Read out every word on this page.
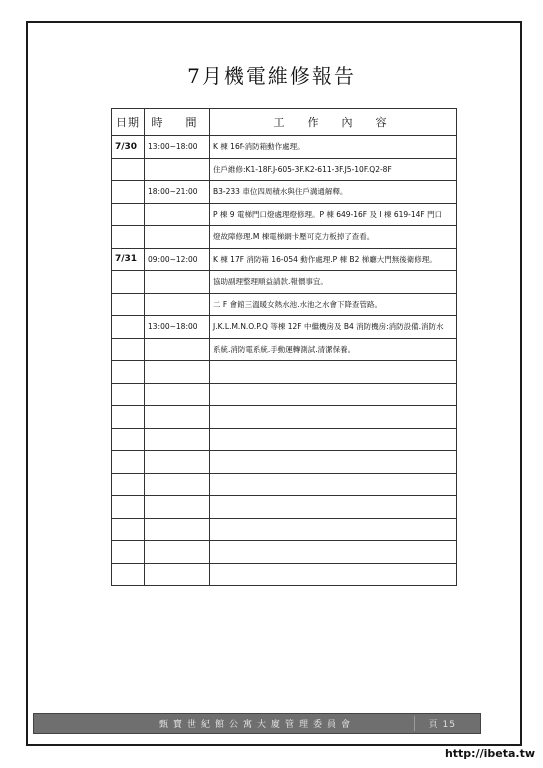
7月機電維修報告
日期	時　間	工　作　內　容
7/30	13:00~18:00	K 棟 16f-消防箱動作處理。
		住戶維修:K1-18F.J-605-3F.K2-611-3F.J5-10F.Q2-8F
	18:00~21:00	B3-233 車位四周積水與住戶溝通解釋。
		P 棟 9 電梯門口燈處理燈修理。P 棟 649-16F 及 I 棟 619-14F 門口
		燈故障修理.M 棟電梯網卡壓可克力板掉了查看。
7/31	09:00~12:00	K 棟 17F 消防箱 16-054 動作處理.P 棟 B2 梯廳大門無後衛修理。
		協助副理整理順益請款.報價事宜。
		二 F 會館三溫暖女熱水池.水池之水會下降查管路。
	13:00~18:00	J.K.L.M.N.O.P.Q 等棟 12F 中繼機房及 B4 消防機房:消防設備.消防水
		系統.消防電系統.手動運轉測試.清潔保養。

甄寶世紀館公寓大廈管理委員會	頁 15
http://ibeta.tw
